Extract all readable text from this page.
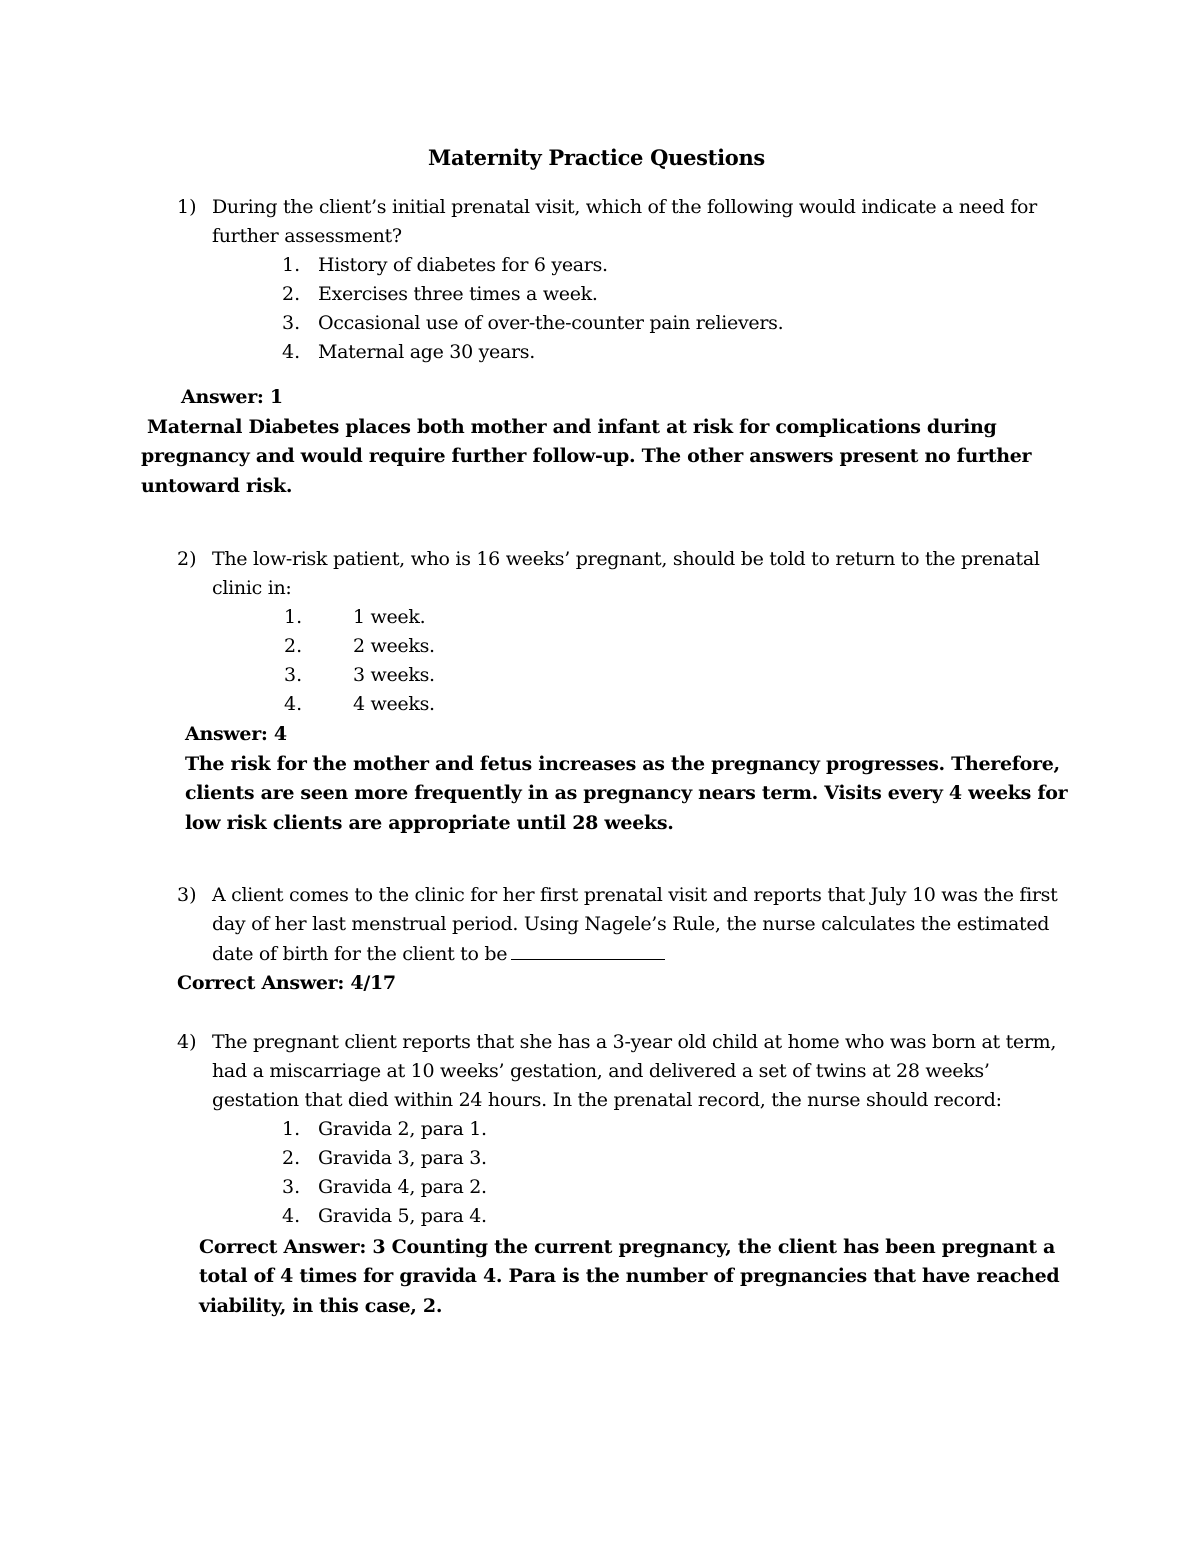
Maternity Practice Questions
1) During the client’s initial prenatal visit, which of the following would indicate a need for
further assessment?
1. History of diabetes for 6 years.
2. Exercises three times a week.
3. Occasional use of over-the-counter pain relievers.
4. Maternal age 30 years.
Answer: 1
Maternal Diabetes places both mother and infant at risk for complications during
pregnancy and would require further follow-up. The other answers present no further
untoward risk.
2) The low-risk patient, who is 16 weeks’ pregnant, should be told to return to the prenatal
clinic in:
1.	1 week.
2.	2 weeks.
3.	3 weeks.
4.	4 weeks.
Answer: 4
The risk for the mother and fetus increases as the pregnancy progresses. Therefore,
clients are seen more frequently in as pregnancy nears term. Visits every 4 weeks for
low risk clients are appropriate until 28 weeks.
3) A client comes to the clinic for her first prenatal visit and reports that July 10 was the first
day of her last menstrual period. Using Nagele’s Rule, the nurse calculates the estimated
date of birth for the client to be
Correct Answer: 4/17
4) The pregnant client reports that she has a 3-year old child at home who was born at term,
had a miscarriage at 10 weeks’ gestation, and delivered a set of twins at 28 weeks’
gestation that died within 24 hours. In the prenatal record, the nurse should record:
1. Gravida 2, para 1.
2. Gravida 3, para 3.
3. Gravida 4, para 2.
4. Gravida 5, para 4.
Correct Answer: 3 Counting the current pregnancy, the client has been pregnant a
total of 4 times for gravida 4. Para is the number of pregnancies that have reached
viability, in this case, 2.
